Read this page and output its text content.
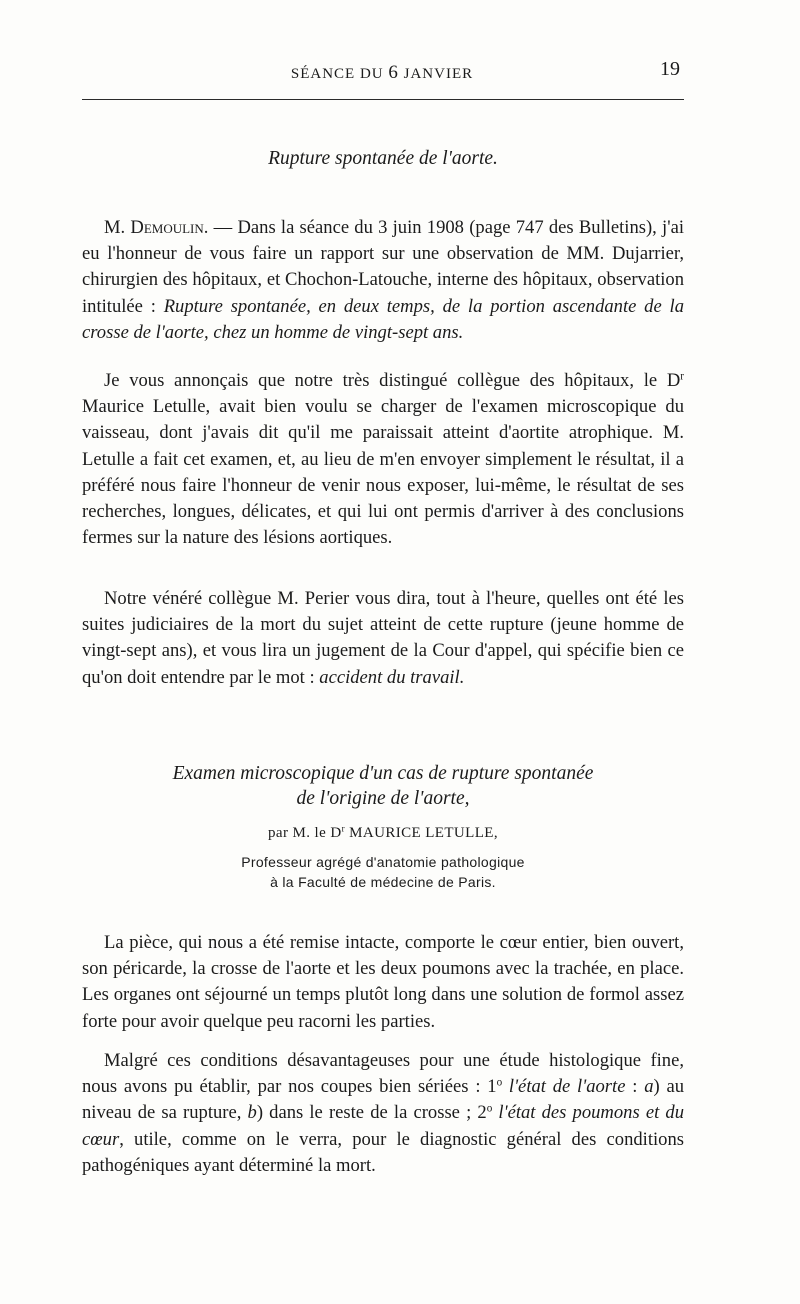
SÉANCE DU 6 JANVIER	19
Rupture spontanée de l'aorte.

M. Demoulin. — Dans la séance du 3 juin 1908 (page 747 des Bulletins), j'ai eu l'honneur de vous faire un rapport sur une observation de MM. Dujarrier, chirurgien des hôpitaux, et Chochon-Latouche, interne des hôpitaux, observation intitulée : Rupture spontanée, en deux temps, de la portion ascendante de la crosse de l'aorte, chez un homme de vingt-sept ans.

Je vous annonçais que notre très distingué collègue des hôpitaux, le $D^r$ Maurice Letulle, avait bien voulu se charger de l'examen microscopique du vaisseau, dont j'avais dit qu'il me paraissait atteint d'aortite atrophique. M. Letulle a fait cet examen, et, au lieu de m'en envoyer simplement le résultat, il a préféré nous faire l'honneur de venir nous exposer, lui-même, le résultat de ses recherches, longues, délicates, et qui lui ont permis d'arriver à des conclusions fermes sur la nature des lésions aortiques.

Notre vénéré collègue M. Perier vous dira, tout à l'heure, quelles ont été les suites judiciaires de la mort du sujet atteint de cette rupture (jeune homme de vingt-sept ans), et vous lira un jugement de la Cour d'appel, qui spécifie bien ce qu'on doit entendre par le mot : accident du travail.

Examen microscopique d'un cas de rupture spontanée
de l'origine de l'aorte,
par M. le $D^r$ MAURICE LETULLE,
Professeur agrégé d'anatomie pathologique
à la Faculté de médecine de Paris.

La pièce, qui nous a été remise intacte, comporte le cœur entier, bien ouvert, son péricarde, la crosse de l'aorte et les deux poumons avec la trachée, en place. Les organes ont séjourné un temps plutôt long dans une solution de formol assez forte pour avoir quelque peu racorni les parties.

Malgré ces conditions désavantageuses pour une étude histologique fine, nous avons pu établir, par nos coupes bien sériées : 1$^o$ l'état de l'aorte : a) au niveau de sa rupture, b) dans le reste de la crosse ; 2$^o$ l'état des poumons et du cœur, utile, comme on le verra, pour le diagnostic général des conditions pathogéniques ayant déterminé la mort.
